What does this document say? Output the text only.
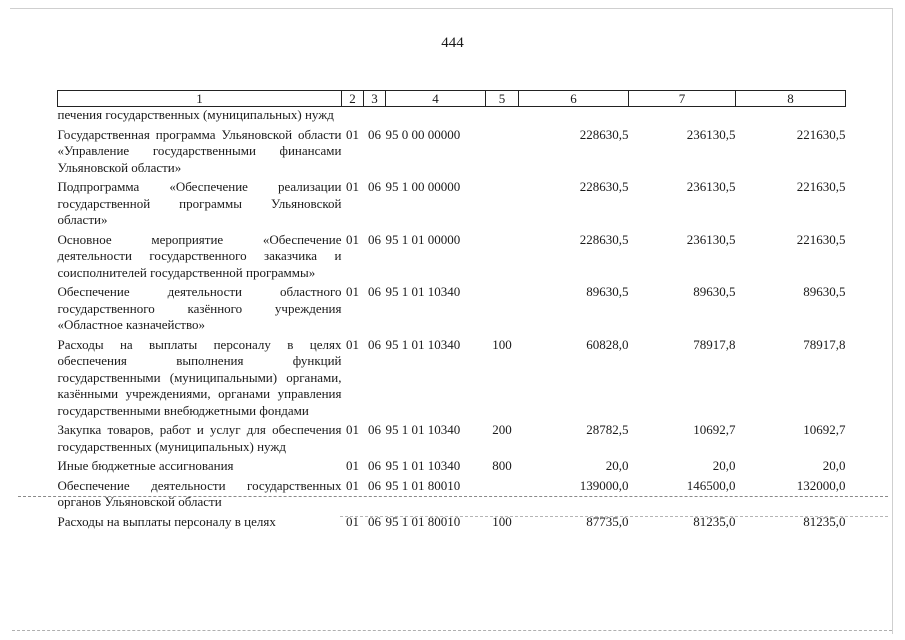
444
1	2	3	4	5	6	7	8
печения государственных (муниципальных) нужд							
Государственная программа Ульяновской области «Управление государственными финансами Ульяновской области»	01	06	95 0 00 00000		228630,5	236130,5	221630,5
Подпрограмма «Обеспечение реализации государственной программы Ульяновской области»	01	06	95 1 00 00000		228630,5	236130,5	221630,5
Основное мероприятие «Обеспечение деятельности государственного заказчика и соисполнителей государственной программы»	01	06	95 1 01 00000		228630,5	236130,5	221630,5
Обеспечение деятельности областного государственного казённого учреждения «Областное казначейство»	01	06	95 1 01 10340		89630,5	89630,5	89630,5
Расходы на выплаты персоналу в целях обеспечения выполнения функций государственными (муниципальными) органами, казёнными учреждениями, органами управления государственными внебюджетными фондами	01	06	95 1 01 10340	100	60828,0	78917,8	78917,8
Закупка товаров, работ и услуг для обеспечения государственных (муниципальных) нужд	01	06	95 1 01 10340	200	28782,5	10692,7	10692,7
Иные бюджетные ассигнования	01	06	95 1 01 10340	800	20,0	20,0	20,0
Обеспечение деятельности государственных органов Ульяновской области	01	06	95 1 01 80010		139000,0	146500,0	132000,0
Расходы на выплаты персоналу в целях	01	06	95 1 01 80010	100	87735,0	81235,0	81235,0
